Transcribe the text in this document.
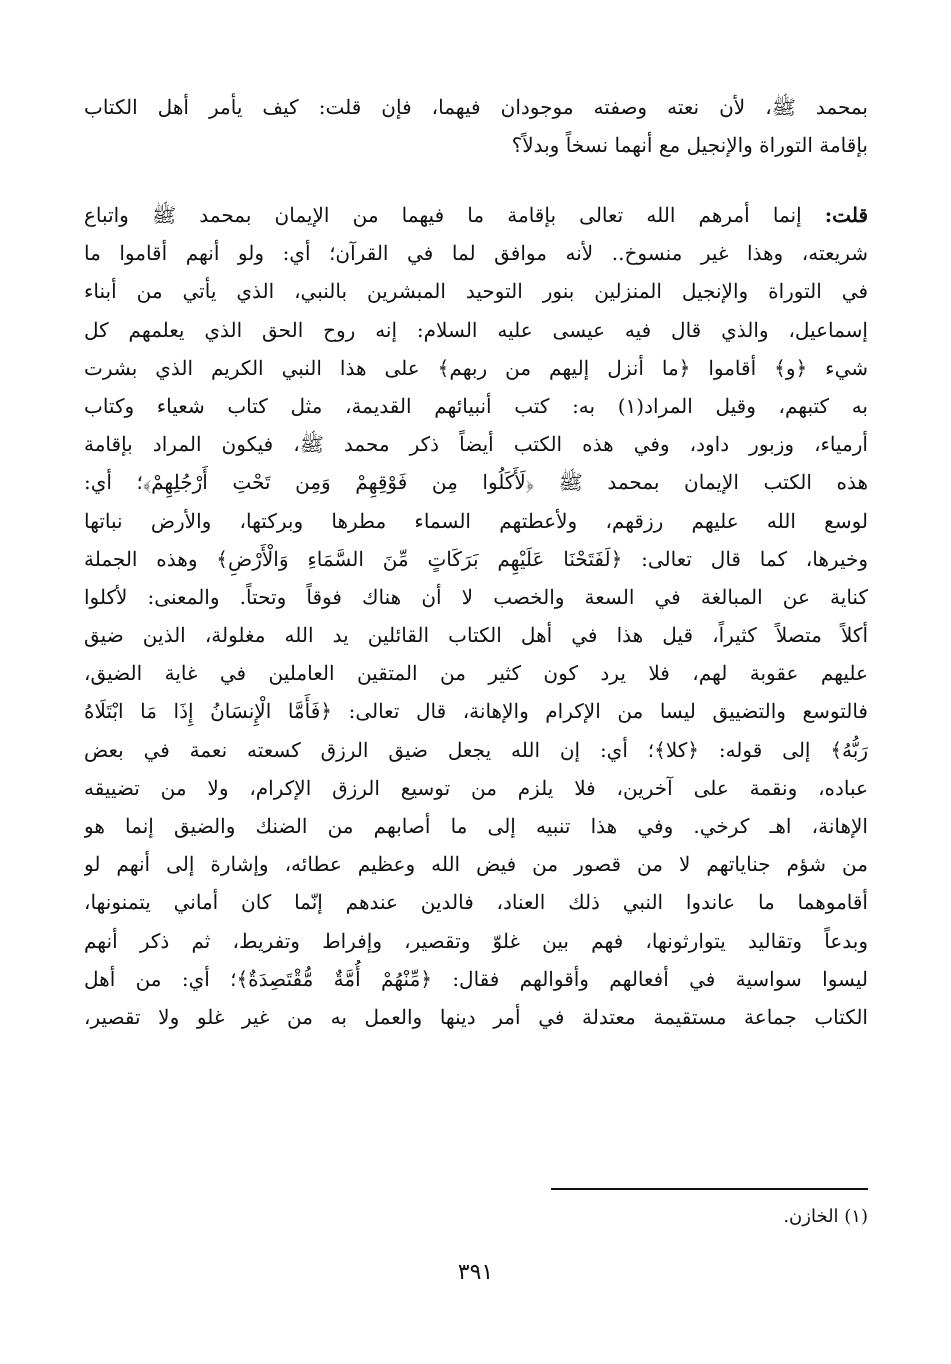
بمحمد ﷺ، لأن نعته وصفته موجودان فيهما، فإن قلت: كيف يأمر أهل الكتاب
بإقامة التوراة والإنجيل مع أنهما نسخاً وبدلاً؟
قلت: إنما أمرهم الله تعالى بإقامة ما فيهما من الإيمان بمحمد ﷺ واتباع
شريعته، وهذا غير منسوخ.. لأنه موافق لما في القرآن؛ أي: ولو أنهم أقاموا ما
في التوراة والإنجيل المنزلين بنور التوحيد المبشرين بالنبي، الذي يأتي من أبناء
إسماعيل، والذي قال فيه عيسى عليه السلام: إنه روح الحق الذي يعلمهم كل
شيء ﴿و﴾ أقاموا ﴿ما أنزل إليهم من ربهم﴾ على هذا النبي الكريم الذي بشرت
به كتبهم، وقيل المراد(١) به: كتب أنبيائهم القديمة، مثل كتاب شعياء وكتاب
أرمياء، وزبور داود، وفي هذه الكتب أيضاً ذكر محمد ﷺ، فيكون المراد بإقامة
هذه الكتب الإيمان بمحمد ﷺ ﴿لَأَكَلُوا مِن فَوْقِهِمْ وَمِن تَحْتِ أَرْجُلِهِمْ﴾؛ أي:
لوسع الله عليهم رزقهم، ولأعطتهم السماء مطرها وبركتها، والأرض نباتها
وخيرها، كما قال تعالى: ﴿لَفَتَحْنَا عَلَيْهِم بَرَكَاتٍ مِّنَ السَّمَاءِ وَالْأَرْضِ﴾ وهذه الجملة
كناية عن المبالغة في السعة والخصب لا أن هناك فوقاً وتحتاً. والمعنى: لأكلوا
أكلاً متصلاً كثيراً، قيل هذا في أهل الكتاب القائلين يد الله مغلولة، الذين ضيق
عليهم عقوبة لهم، فلا يرد كون كثير من المتقين العاملين في غاية الضيق،
فالتوسع والتضييق ليسا من الإكرام والإهانة، قال تعالى: ﴿فَأَمَّا الْإِنسَانُ إِذَا مَا ابْتَلَاهُ
رَبُّهُ﴾ إلى قوله: ﴿كلا﴾؛ أي: إن الله يجعل ضيق الرزق كسعته نعمة في بعض
عباده، ونقمة على آخرين، فلا يلزم من توسيع الرزق الإكرام، ولا من تضييقه
الإهانة، اهـ كرخي. وفي هذا تنبيه إلى ما أصابهم من الضنك والضيق إنما هو
من شؤم جناياتهم لا من قصور من فيض الله وعظيم عطائه، وإشارة إلى أنهم لو
أقاموهما ما عاندوا النبي ذلك العناد، فالدين عندهم إنّما كان أماني يتمنونها،
وبدعاً وتقاليد يتوارثونها، فهم بين غلوّ وتقصير، وإفراط وتفريط، ثم ذكر أنهم
ليسوا سواسية في أفعالهم وأقوالهم فقال: ﴿مِّنْهُمْ أُمَّةٌ مُّقْتَصِدَةٌ﴾؛ أي: من أهل
الكتاب جماعة مستقيمة معتدلة في أمر دينها والعمل به من غير غلو ولا تقصير،
(١) الخازن.
٣٩١
